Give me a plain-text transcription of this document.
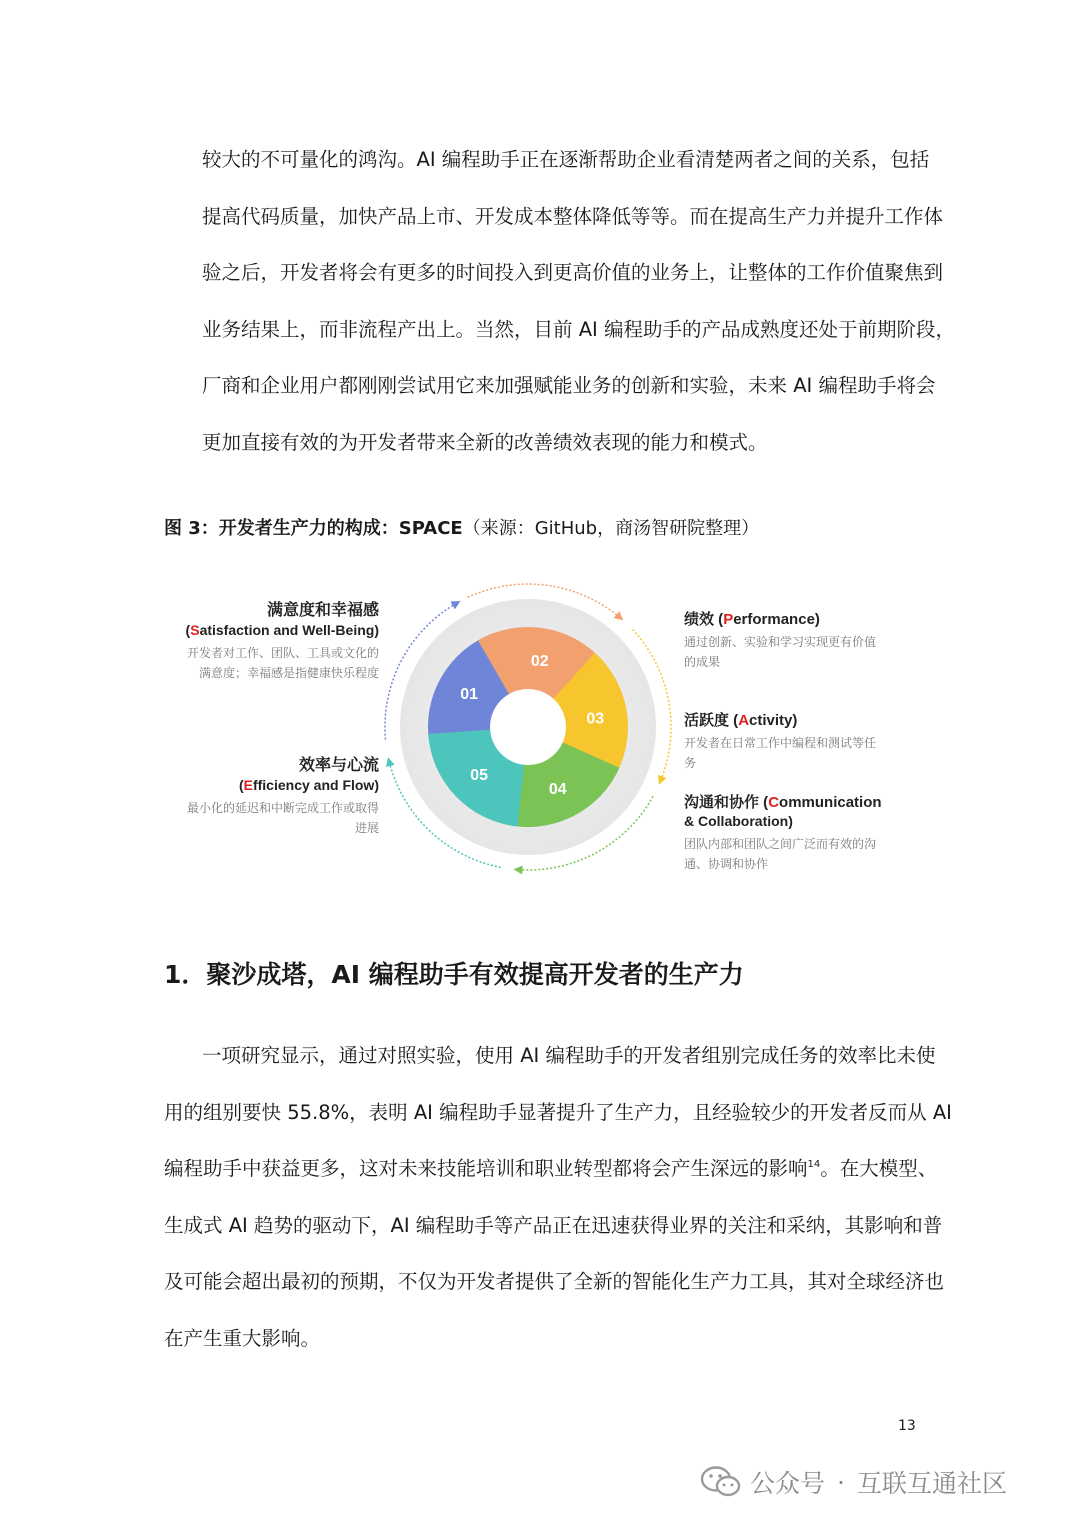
较大的不可量化的鸿沟。AI 编程助手正在逐渐帮助企业看清楚两者之间的关系，包括
提高代码质量，加快产品上市、开发成本整体降低等等。而在提高生产力并提升工作体
验之后，开发者将会有更多的时间投入到更高价值的业务上，让整体的工作价值聚焦到
业务结果上，而非流程产出上。当然，目前 AI 编程助手的产品成熟度还处于前期阶段，
厂商和企业用户都刚刚尝试用它来加强赋能业务的创新和实验，未来 AI 编程助手将会
更加直接有效的为开发者带来全新的改善绩效表现的能力和模式。
图 3：开发者生产力的构成：SPACE（来源：GitHub，商汤智研院整理）
01
02
03
04
05
满意度和幸福感
(Satisfaction and Well-Being)
开发者对工作、团队、工具或文化的
满意度；幸福感是指健康快乐程度
效率与心流
(Efficiency and Flow)
最小化的延迟和中断完成工作或取得
进展
绩效 (Performance)
通过创新、实验和学习实现更有价值
的成果
活跃度 (Activity)
开发者在日常工作中编程和测试等任
务
沟通和协作 (Communication
& Collaboration)
团队内部和团队之间广泛而有效的沟
通、协调和协作
1．聚沙成塔，AI 编程助手有效提高开发者的生产力
一项研究显示，通过对照实验，使用 AI 编程助手的开发者组别完成任务的效率比未使
用的组别要快 55.8%，表明 AI 编程助手显著提升了生产力，且经验较少的开发者反而从 AI
编程助手中获益更多，这对未来技能培训和职业转型都将会产生深远的影响$^{14}$。在大模型、
生成式 AI 趋势的驱动下，AI 编程助手等产品正在迅速获得业界的关注和采纳，其影响和普
及可能会超出最初的预期，不仅为开发者提供了全新的智能化生产力工具，其对全球经济也
在产生重大影响。
13
公众号 · 互联互通社区
